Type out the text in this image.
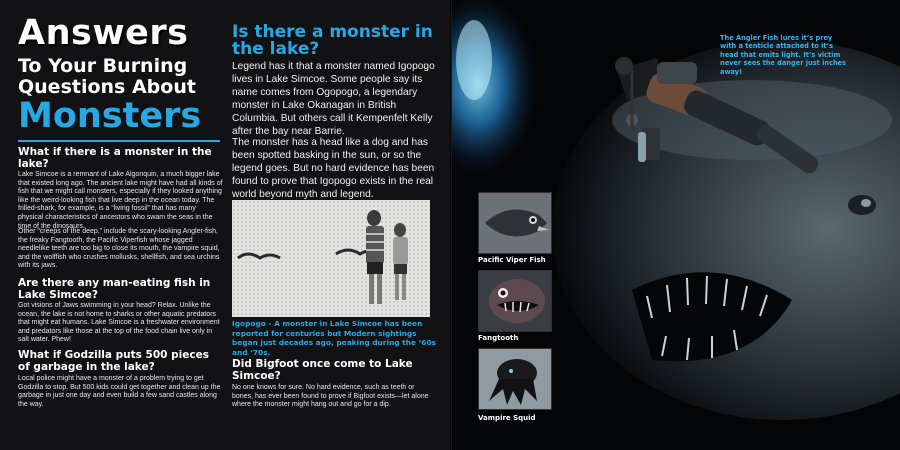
Answers
To Your Burning
Questions About
Monsters
What if there is a monster in the lake?

Lake Simcoe is a remnant of Lake Algonquin, a much bigger lake that existed long ago. The ancient lake might have had all kinds of fish that we might call monsters, especially if they looked anything like the weird-looking fish that live deep in the ocean today. The frilled-shark, for example, is a “living fossil” that has many physical characteristics of ancestors who swam the seas in the time of the dinosaurs.

Other “creeps of the deep,” include the scary-looking Angler-fish, the freaky Fangtooth, the Pacific Viperfish whose jagged needlelike teeth are too big to close its mouth, the vampire squid, and the wolffish who crushes mollusks, shellfish, and sea urchins with its jaws.

Are there any man-eating fish in Lake Simcoe?

Got visions of Jaws swimming in your head? Relax. Unlike the ocean, the lake is not home to sharks or other aquatic predators that might eat humans. Lake Simcoe is a freshwater environment and predators like those at the top of the food chain live only in salt water. Phew!

What if Godzilla puts 500 pieces of garbage in the lake?

Local police might have a monster of a problem trying to get Godzilla to stop. But 500 kids could get together and clean up the garbage in just one day and even build a few sand castles along the way.

Is there a monster in the lake?

Legend has it that a monster named Igopogo lives in Lake Simcoe. Some people say its name comes from Ogopogo, a legendary monster in Lake Okanagan in British Columbia. But others call it Kempenfelt Kelly after the bay near Barrie.

The monster has a head like a dog and has been spotted basking in the sun, or so the legend goes. But no hard evidence has been found to prove that Igopogo exists in the real world beyond myth and legend.

Igopogo - A monster in Lake Simcoe has been reported for centuries but Modern sightings began just decades ago, peaking during the ‘60s and ‘70s.

Did Bigfoot once come to Lake Simcoe?

No one knows for sure. No hard evidence, such as teeth or bones, has ever been found to prove if Bigfoot exists—let alone where the monster might hang out and go for a dip.

The Angler Fish lures it’s prey with a tenticle attached to it’s head that emits light. It’s victim never sees the danger just inches away!

Pacific Viper Fish
Fangtooth
Vampire Squid
